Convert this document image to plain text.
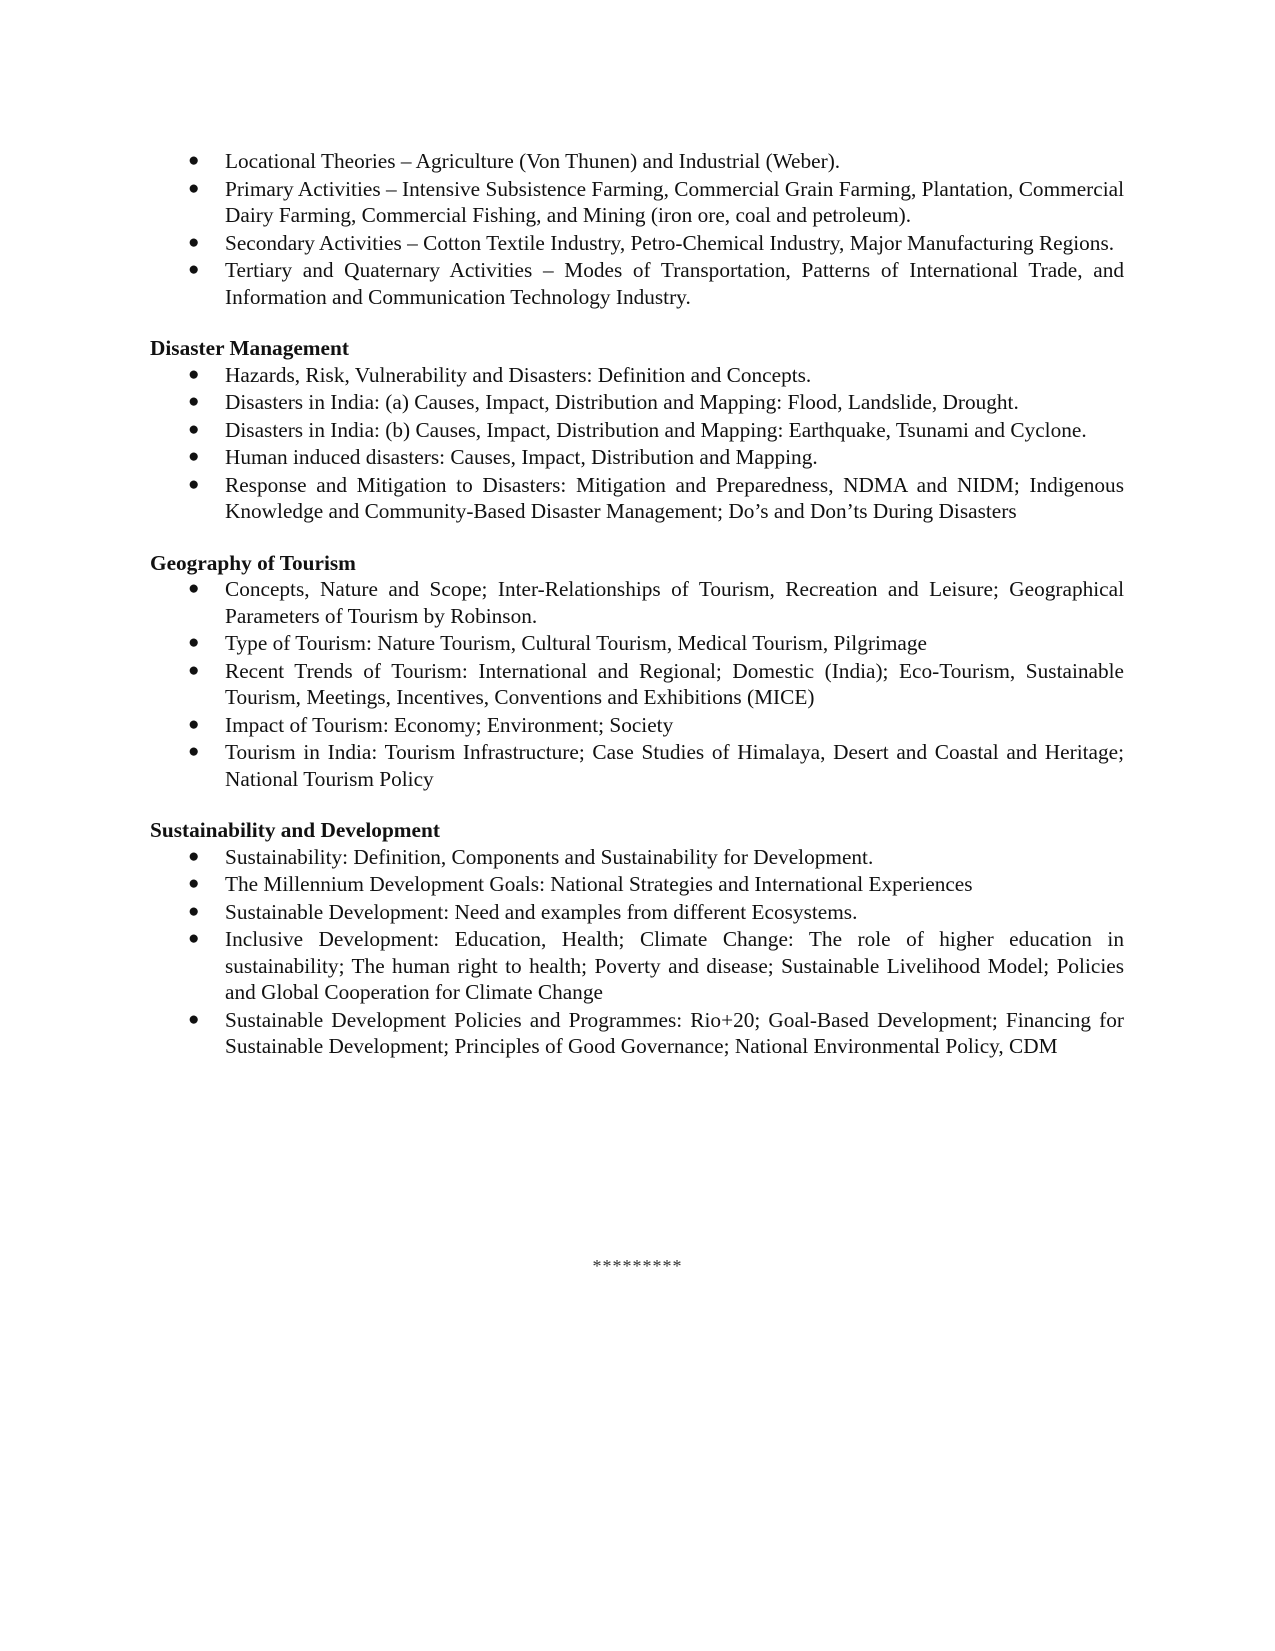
● Locational Theories – Agriculture (Von Thunen) and Industrial (Weber).
● Primary Activities – Intensive Subsistence Farming, Commercial Grain Farming, Plantation, Commercial Dairy Farming, Commercial Fishing, and Mining (iron ore, coal and petroleum).
● Secondary Activities – Cotton Textile Industry, Petro-Chemical Industry, Major Manufacturing Regions.
● Tertiary and Quaternary Activities – Modes of Transportation, Patterns of International Trade, and Information and Communication Technology Industry.
Disaster Management
● Hazards, Risk, Vulnerability and Disasters: Definition and Concepts.
● Disasters in India: (a) Causes, Impact, Distribution and Mapping: Flood, Landslide, Drought.
● Disasters in India: (b) Causes, Impact, Distribution and Mapping: Earthquake, Tsunami and Cyclone.
● Human induced disasters: Causes, Impact, Distribution and Mapping.
● Response and Mitigation to Disasters: Mitigation and Preparedness, NDMA and NIDM; Indigenous Knowledge and Community-Based Disaster Management; Do’s and Don’ts During Disasters
Geography of Tourism
● Concepts, Nature and Scope; Inter-Relationships of Tourism, Recreation and Leisure; Geographical Parameters of Tourism by Robinson.
● Type of Tourism: Nature Tourism, Cultural Tourism, Medical Tourism, Pilgrimage
● Recent Trends of Tourism: International and Regional; Domestic (India); Eco-Tourism, Sustainable Tourism, Meetings, Incentives, Conventions and Exhibitions (MICE)
● Impact of Tourism: Economy; Environment; Society
● Tourism in India: Tourism Infrastructure; Case Studies of Himalaya, Desert and Coastal and Heritage; National Tourism Policy
Sustainability and Development
● Sustainability: Definition, Components and Sustainability for Development.
● The Millennium Development Goals: National Strategies and International Experiences
● Sustainable Development: Need and examples from different Ecosystems.
● Inclusive Development: Education, Health; Climate Change: The role of higher education in sustainability; The human right to health; Poverty and disease; Sustainable Livelihood Model; Policies and Global Cooperation for Climate Change
● Sustainable Development Policies and Programmes: Rio+20; Goal-Based Development; Financing for Sustainable Development; Principles of Good Governance; National Environmental Policy, CDM
*********
